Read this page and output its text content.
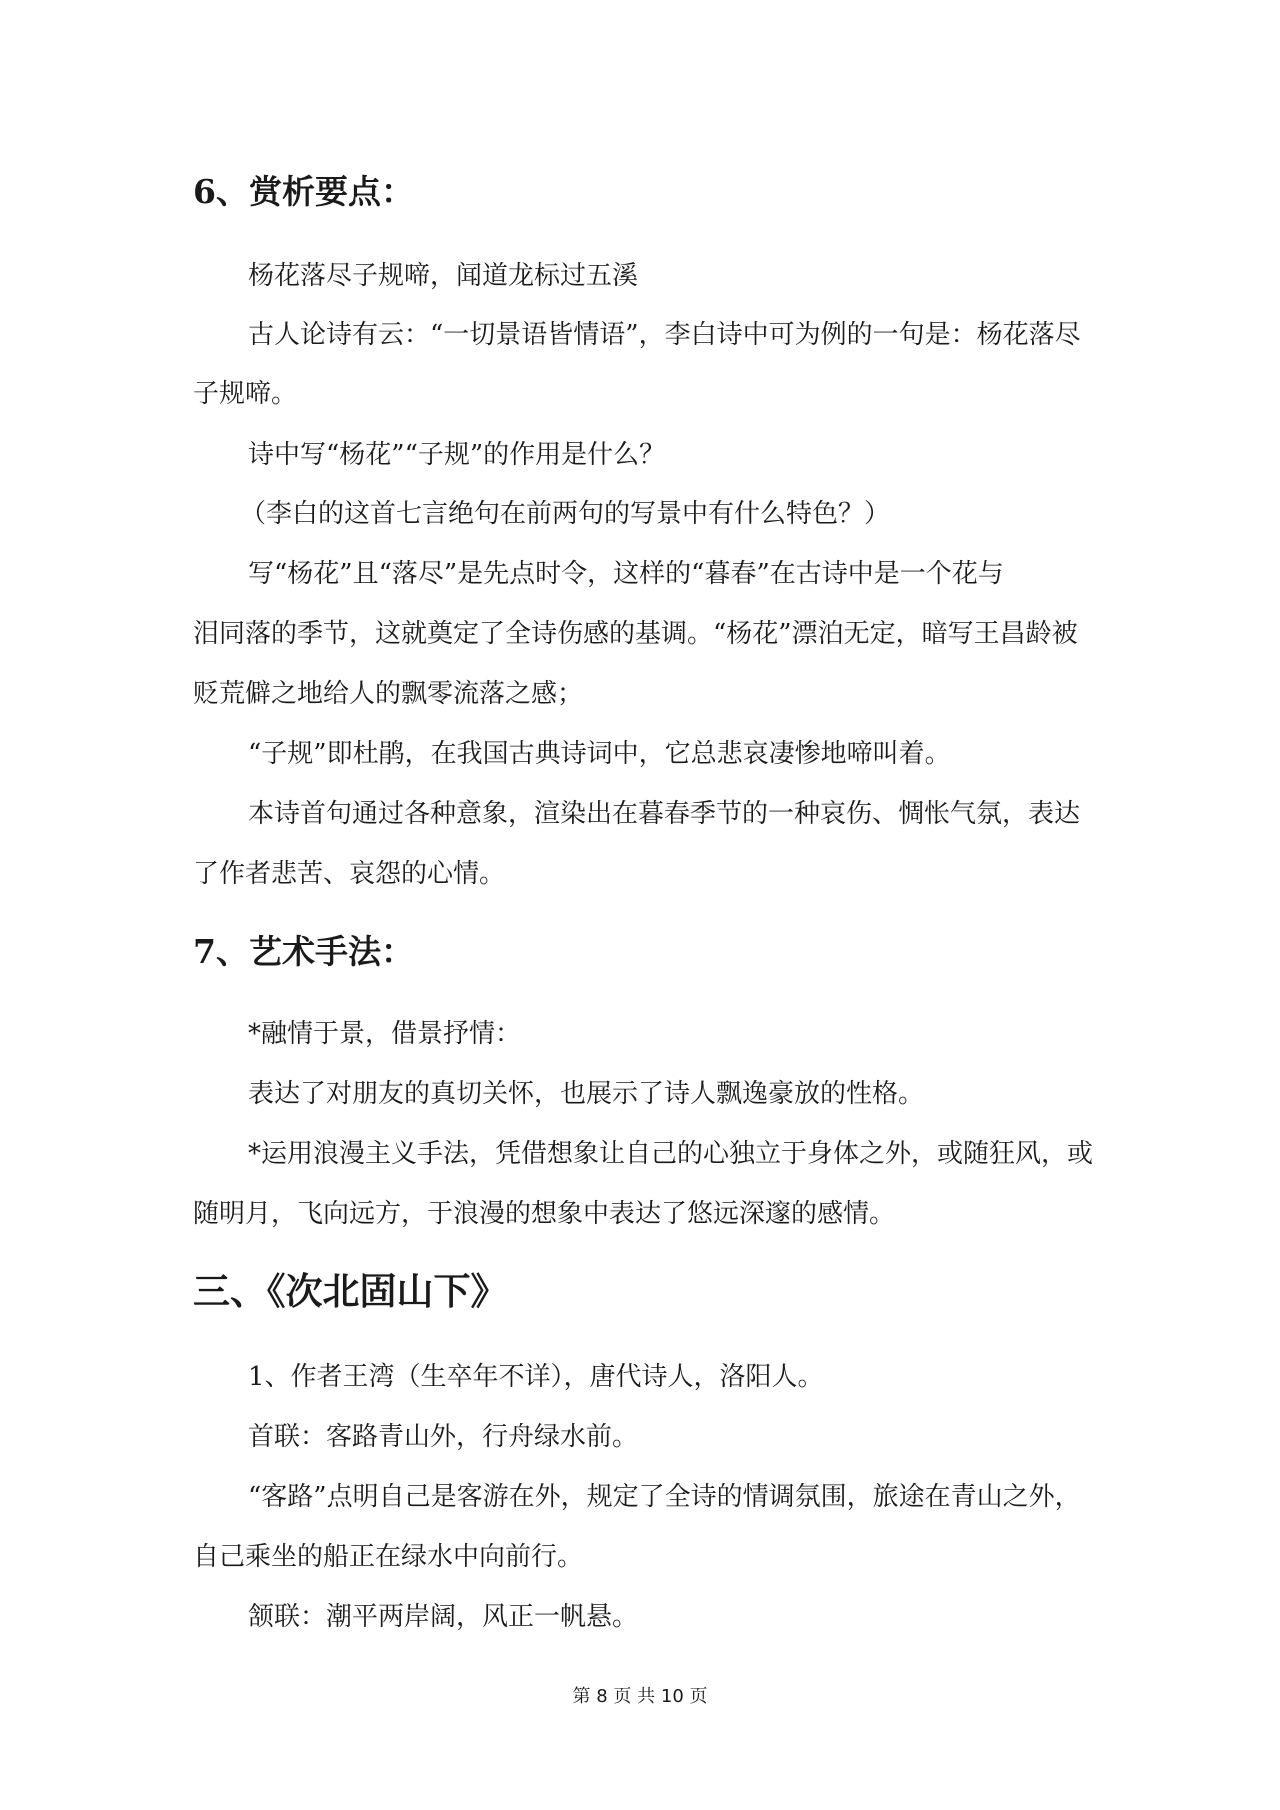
6、赏析要点：
杨花落尽子规啼，闻道龙标过五溪
古人论诗有云：“一切景语皆情语”，李白诗中可为例的一句是：杨花落尽
子规啼。
诗中写“杨花”“子规”的作用是什么？
（李白的这首七言绝句在前两句的写景中有什么特色？）
写“杨花”且“落尽”是先点时令，这样的“暮春”在古诗中是一个花与
泪同落的季节，这就奠定了全诗伤感的基调。“杨花”漂泊无定，暗写王昌龄被
贬荒僻之地给人的飘零流落之感；
“子规”即杜鹃，在我国古典诗词中，它总悲哀凄惨地啼叫着。
本诗首句通过各种意象，渲染出在暮春季节的一种哀伤、惆怅气氛，表达
了作者悲苦、哀怨的心情。
7、艺术手法：
*融情于景，借景抒情：
表达了对朋友的真切关怀，也展示了诗人飘逸豪放的性格。
*运用浪漫主义手法，凭借想象让自己的心独立于身体之外，或随狂风，或
随明月，飞向远方，于浪漫的想象中表达了悠远深邃的感情。
三、《次北固山下》
1、作者王湾（生卒年不详），唐代诗人，洛阳人。
首联：客路青山外，行舟绿水前。
“客路”点明自己是客游在外，规定了全诗的情调氛围，旅途在青山之外，
自己乘坐的船正在绿水中向前行。
颔联：潮平两岸阔，风正一帆悬。
第 8 页 共 10 页
